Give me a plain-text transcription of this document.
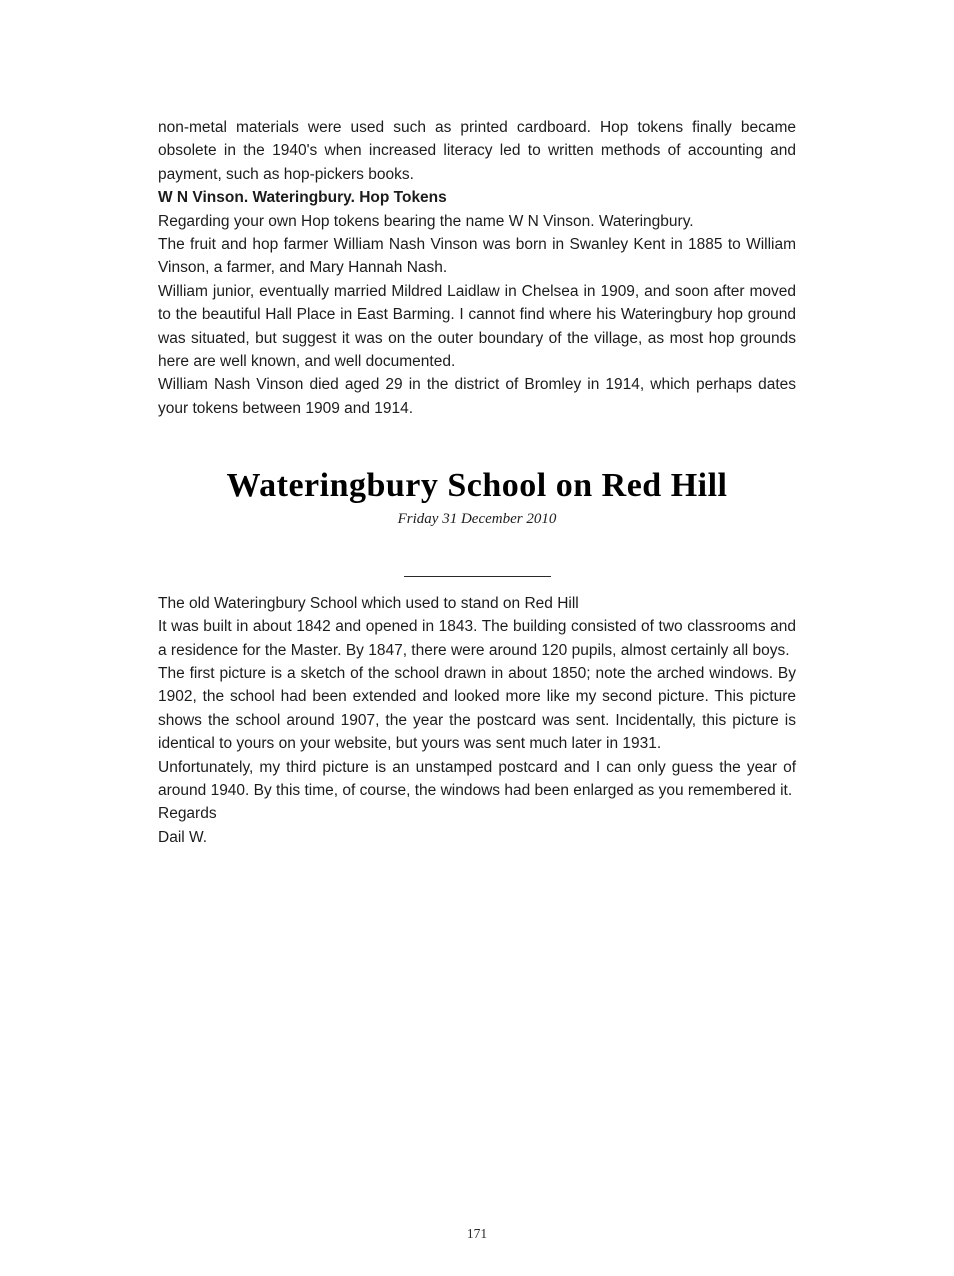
non-metal materials were used such as printed cardboard. Hop tokens finally became obsolete in the 1940's when increased literacy led to written methods of accounting and payment, such as hop-pickers books.

W N Vinson. Wateringbury. Hop Tokens

Regarding your own Hop tokens bearing the name W N Vinson. Wateringbury.

The fruit and hop farmer William Nash Vinson was born in Swanley Kent in 1885 to William Vinson, a farmer, and Mary Hannah Nash.

William junior, eventually married Mildred Laidlaw in Chelsea in 1909, and soon after moved to the beautiful Hall Place in East Barming. I cannot find where his Wateringbury hop ground was situated, but suggest it was on the outer boundary of the village, as most hop grounds here are well known, and well documented.

William Nash Vinson died aged 29 in the district of Bromley in 1914, which perhaps dates your tokens between 1909 and 1914.

Wateringbury School on Red Hill

Friday 31 December 2010

The old Wateringbury School which used to stand on Red Hill

It was built in about 1842 and opened in 1843. The building consisted of two classrooms and a residence for the Master. By 1847, there were around 120 pupils, almost certainly all boys.

The first picture is a sketch of the school drawn in about 1850; note the arched windows. By 1902, the school had been extended and looked more like my second picture. This picture shows the school around 1907, the year the postcard was sent. Incidentally, this picture is identical to yours on your website, but yours was sent much later in 1931.

Unfortunately, my third picture is an unstamped postcard and I can only guess the year of around 1940. By this time, of course, the windows had been enlarged as you remembered it.

Regards

Dail W.

171
